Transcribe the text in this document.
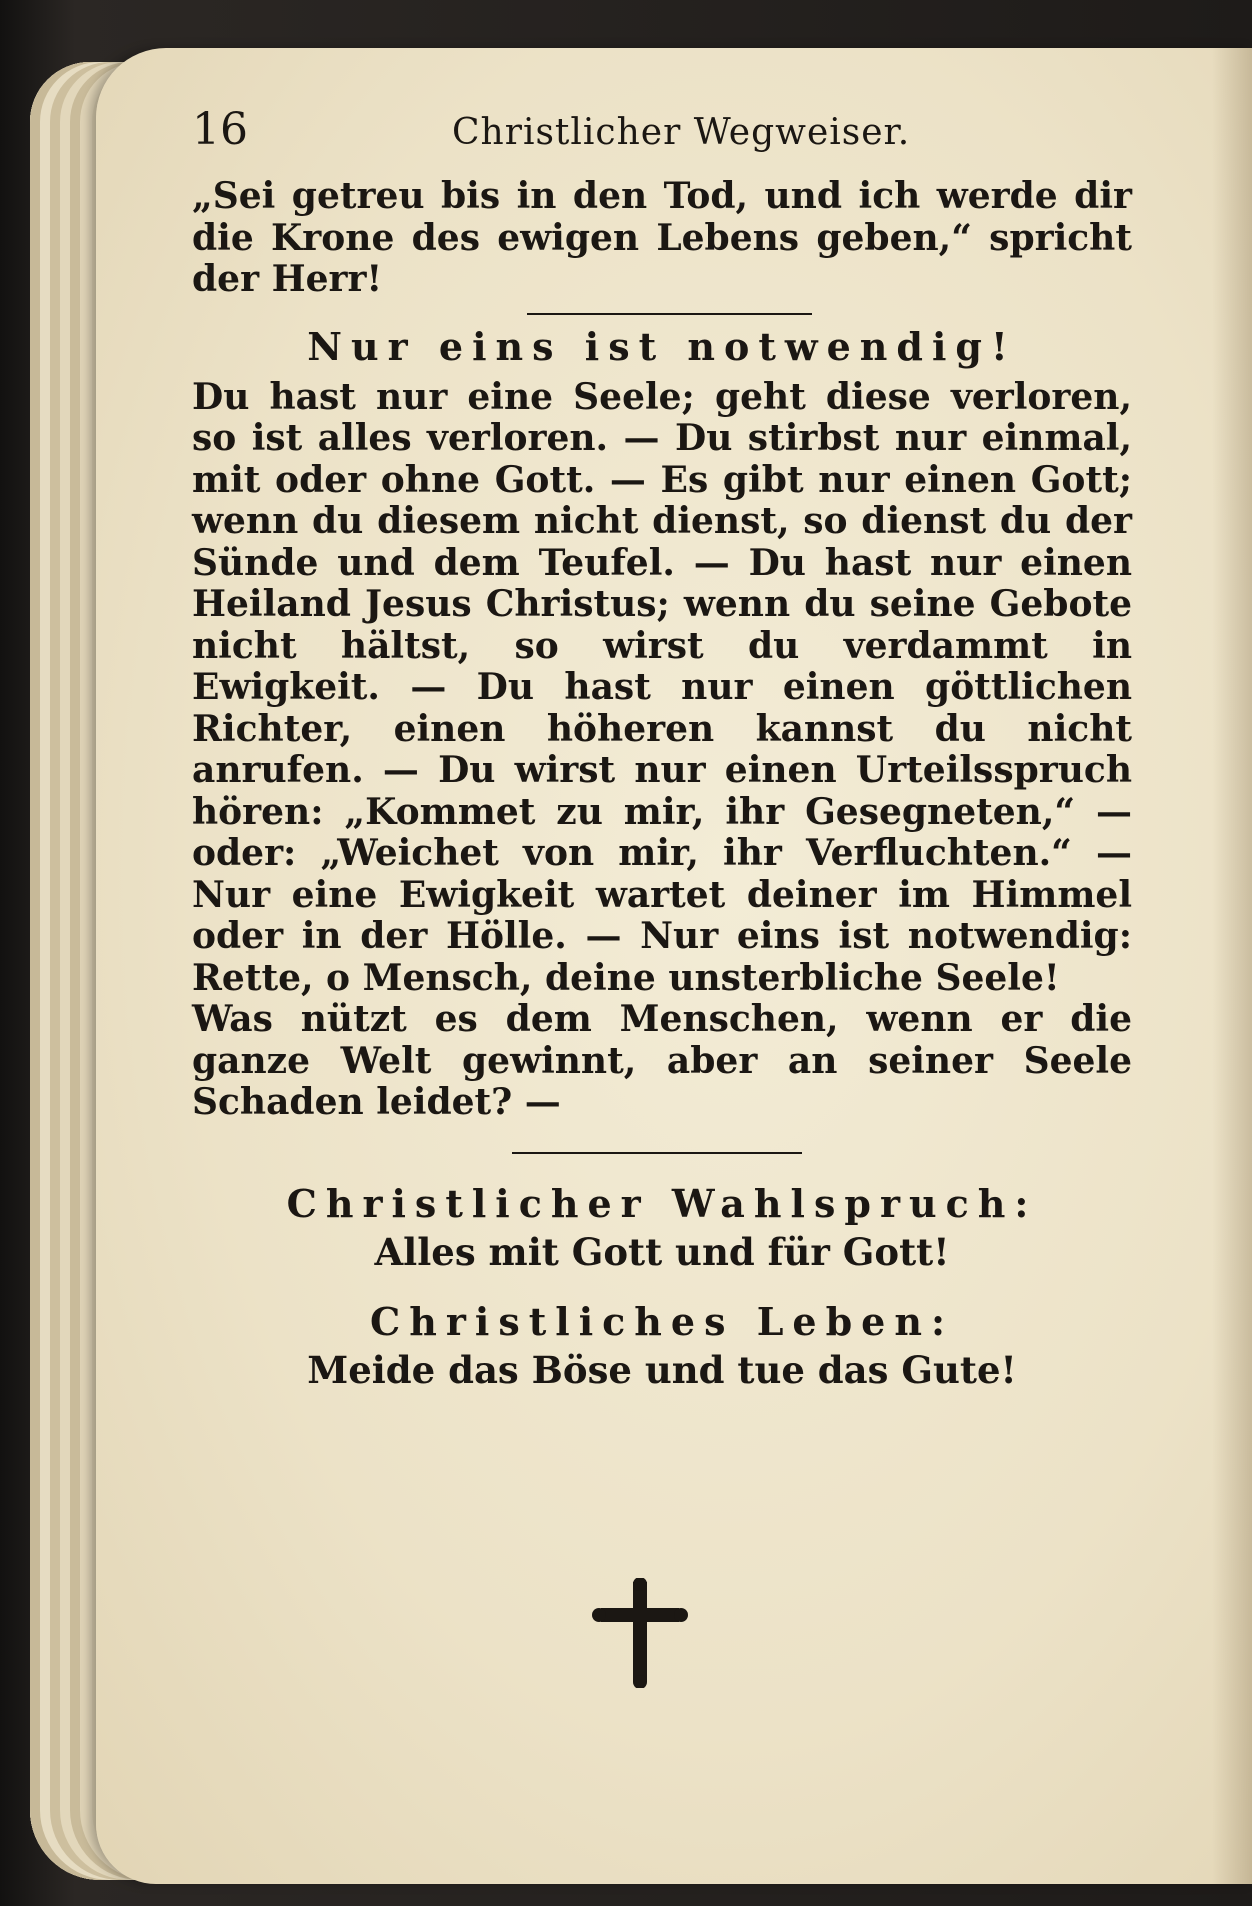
16	Christlicher Wegweiser.

„Sei getreu bis in den Tod, und ich werde dir die Krone des ewigen Lebens geben,“ spricht der Herr!

Nur eins ist notwendig!

Du hast nur eine Seele; geht diese verloren, so ist alles verloren. — Du stirbst nur einmal, mit oder ohne Gott. — Es gibt nur einen Gott; wenn du diesem nicht dienst, so dienst du der Sünde und dem Teufel. — Du hast nur einen Heiland Jesus Christus; wenn du seine Gebote nicht hältst, so wirst du verdammt in Ewigkeit. — Du hast nur einen göttlichen Richter, einen höheren kannst du nicht anrufen. — Du wirst nur einen Urteilsspruch hören: „Kommet zu mir, ihr Gesegneten,“ — oder: „Weichet von mir, ihr Verfluchten.“ — Nur eine Ewigkeit wartet deiner im Himmel oder in der Hölle. — Nur eins ist notwendig: Rette, o Mensch, deine unsterbliche Seele!

Was nützt es dem Menschen, wenn er die ganze Welt gewinnt, aber an seiner Seele Schaden leidet? —

Christlicher Wahlspruch:

Alles mit Gott und für Gott!

Christliches Leben:

Meide das Böse und tue das Gute!
